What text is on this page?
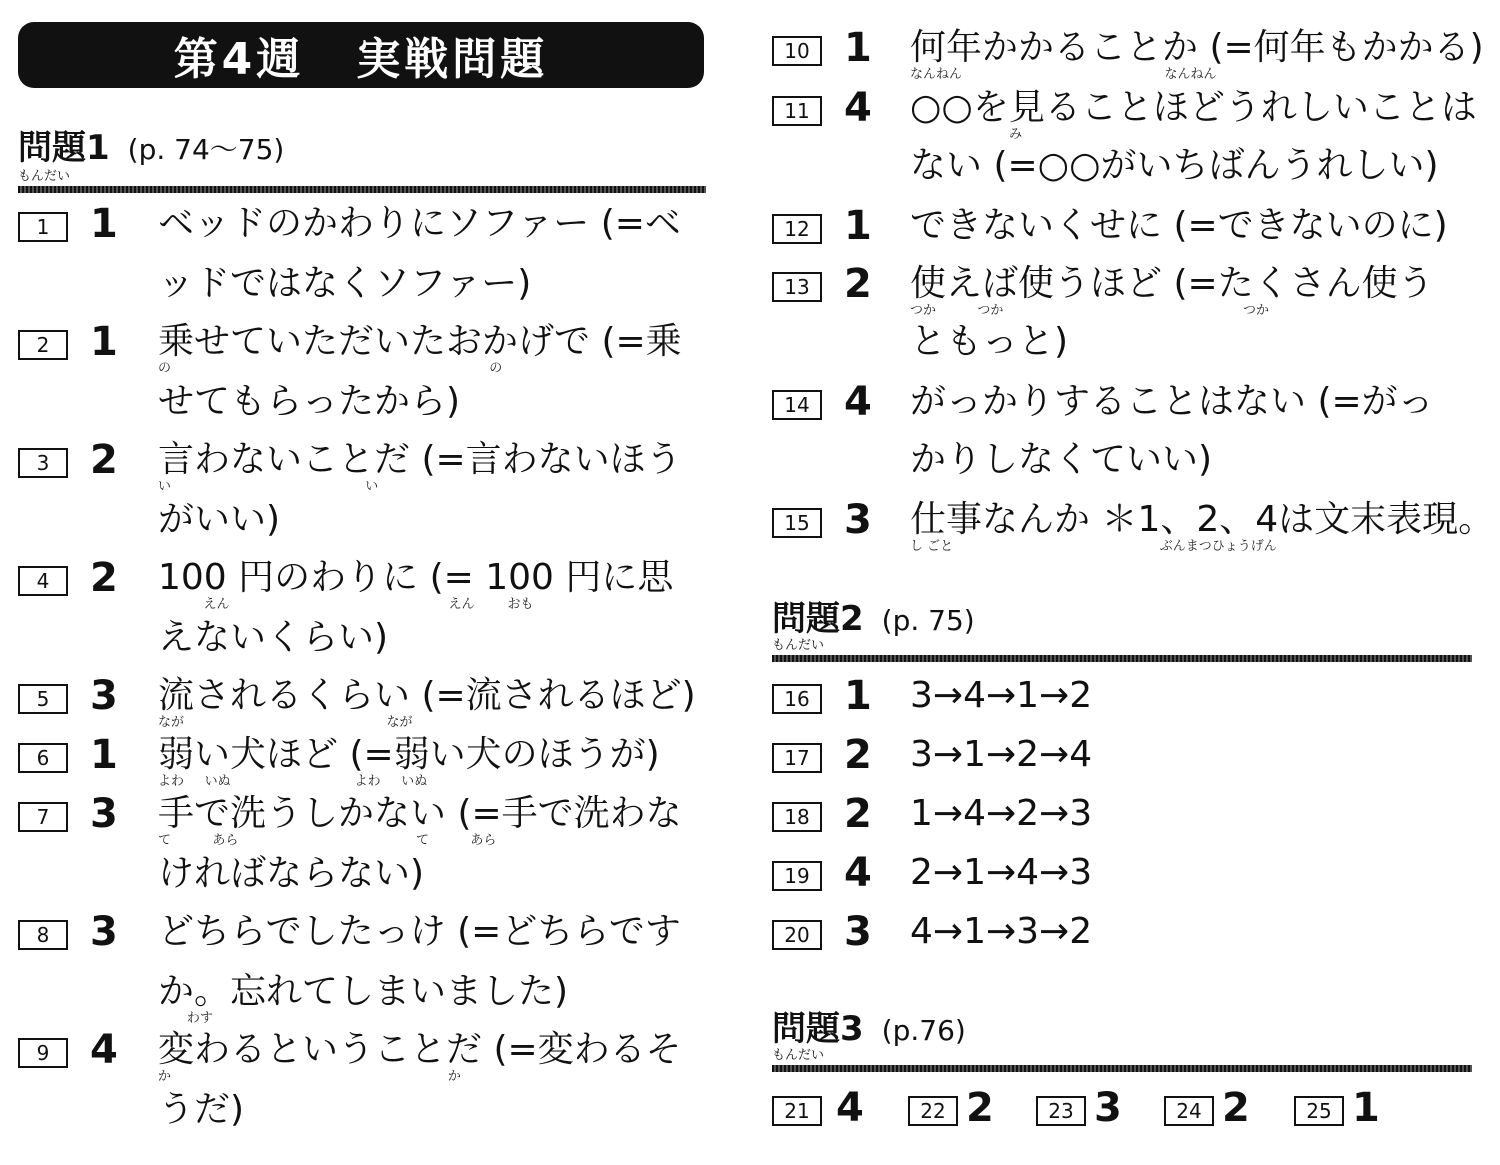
第4週 実戦問題
問題1 (p. 74～75)
もんだい
1	1 ベッドのかわりにソファー (=ベ
ッドではなくソファー)
2	1 乗せていただいたおかげで (=乗
の                                                                             の
せてもらったから)
3	2 言わないことだ (=言わないほう
い                                               い
がいい)
4	2 100 円のわりに (= 100 円に思
えん                                                     えん        おも
えないくらい)
5	3 流されるくらい (=流されるほど)
なが                                                 なが
6	1 弱い犬ほど (=弱い犬のほうが)
よわ     いぬ                              よわ     いぬ
7	3 手で洗うしかない (=手で洗わな
て          あら                                           て          あら
ければならない)
8	3 どちらでしたっけ (=どちらです
か。忘れてしまいました)
わす
9	4 変わるということだ (=変わるそ
か                                                                   か
うだ)
10 1 何年かかることか (=何年もかかる)
なんねん                                                 なんねん
11 4 ○○を見ることほどうれしいことは
み
ない (=○○がいちばんうれしい)
12 1 できないくせに (=できないのに)
13 2 使えば使うほど (=たくさん使う
つか          つか                                                          つか
ともっと)
14 4 がっかりすることはない (=がっ
かりしなくていい)
15 3 仕事なんか ＊1、2、4は文末表現。
し ごと                                                  ぶんまつひょうげん
問題2 (p. 75)
もんだい
16 1 3→4→1→2
17 2 3→1→2→4
18 2 1→4→2→3
19 4 2→1→4→3
20 3 4→1→3→2
問題3 (p.76)
もんだい
21 4	22 2	23 3	24 2	25 1
